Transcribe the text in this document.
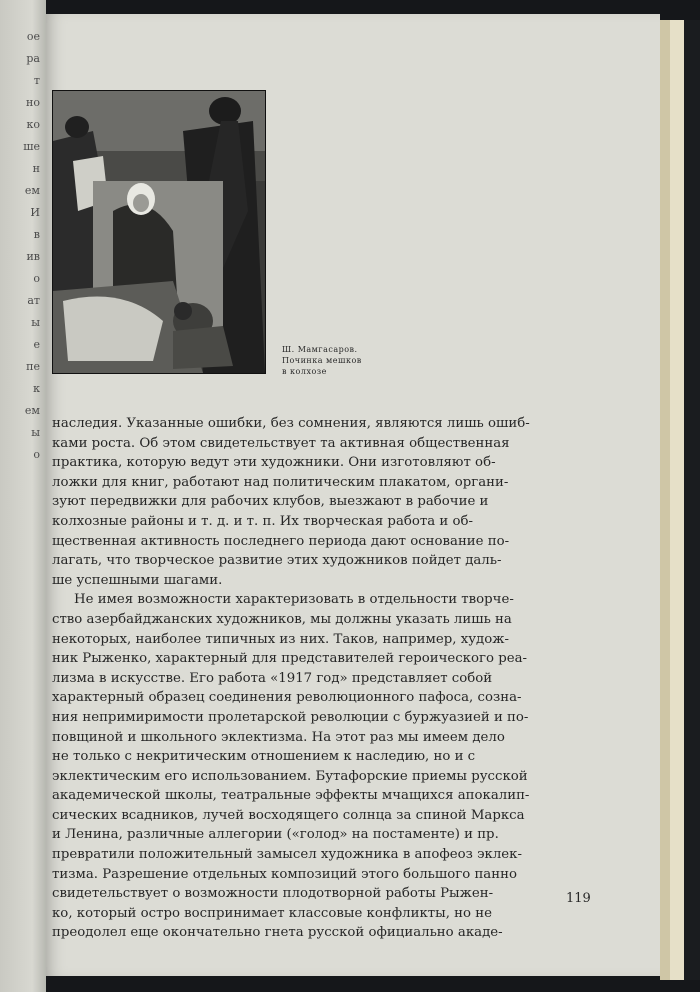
ое
ра
т
но
ко
ше
н
ем
И
в
ив
о
ат
ы
е
пе
к
ем
ы
о
Ш. Мамгасаров.
Починка мешков
в колхозе
наследия. Указанные ошибки, без сомнения, являются лишь ошиб-
ками роста. Об этом свидетельствует та активная общественная
практика, которую ведут эти художники. Они изготовляют об-
ложки для книг, работают над политическим плакатом, органи-
зуют передвижки для рабочих клубов, выезжают в рабочие и
колхозные районы и т. д. и т. п. Их творческая работа и об-
щественная активность последнего периода дают основание по-
лагать, что творческое развитие этих художников пойдет даль-
ше успешными шагами.
Не имея возможности характеризовать в отдельности творче-
ство азербайджанских художников, мы должны указать лишь на
некоторых, наиболее типичных из них. Таков, например, худож-
ник Рыженко, характерный для представителей героического реа-
лизма в искусстве. Его работа «1917 год» представляет собой
характерный образец соединения революционного пафоса, созна-
ния непримиримости пролетарской революции с буржуазией и по-
повщиной и школьного эклектизма. На этот раз мы имеем дело
не только с некритическим отношением к наследию, но и с
эклектическим его использованием. Бутафорские приемы русской
академической школы, театральные эффекты мчащихся апокалип-
сических всадников, лучей восходящего солнца за спиной Маркса
и Ленина, различные аллегории («голод» на постаменте) и пр.
превратили положительный замысел художника в апофеоз эклек-
тизма. Разрешение отдельных композиций этого большого панно
свидетельствует о возможности плодотворной работы Рыжен-
ко, который остро воспринимает классовые конфликты, но не
преодолел еще окончательно гнета русской официально акаде-
119
